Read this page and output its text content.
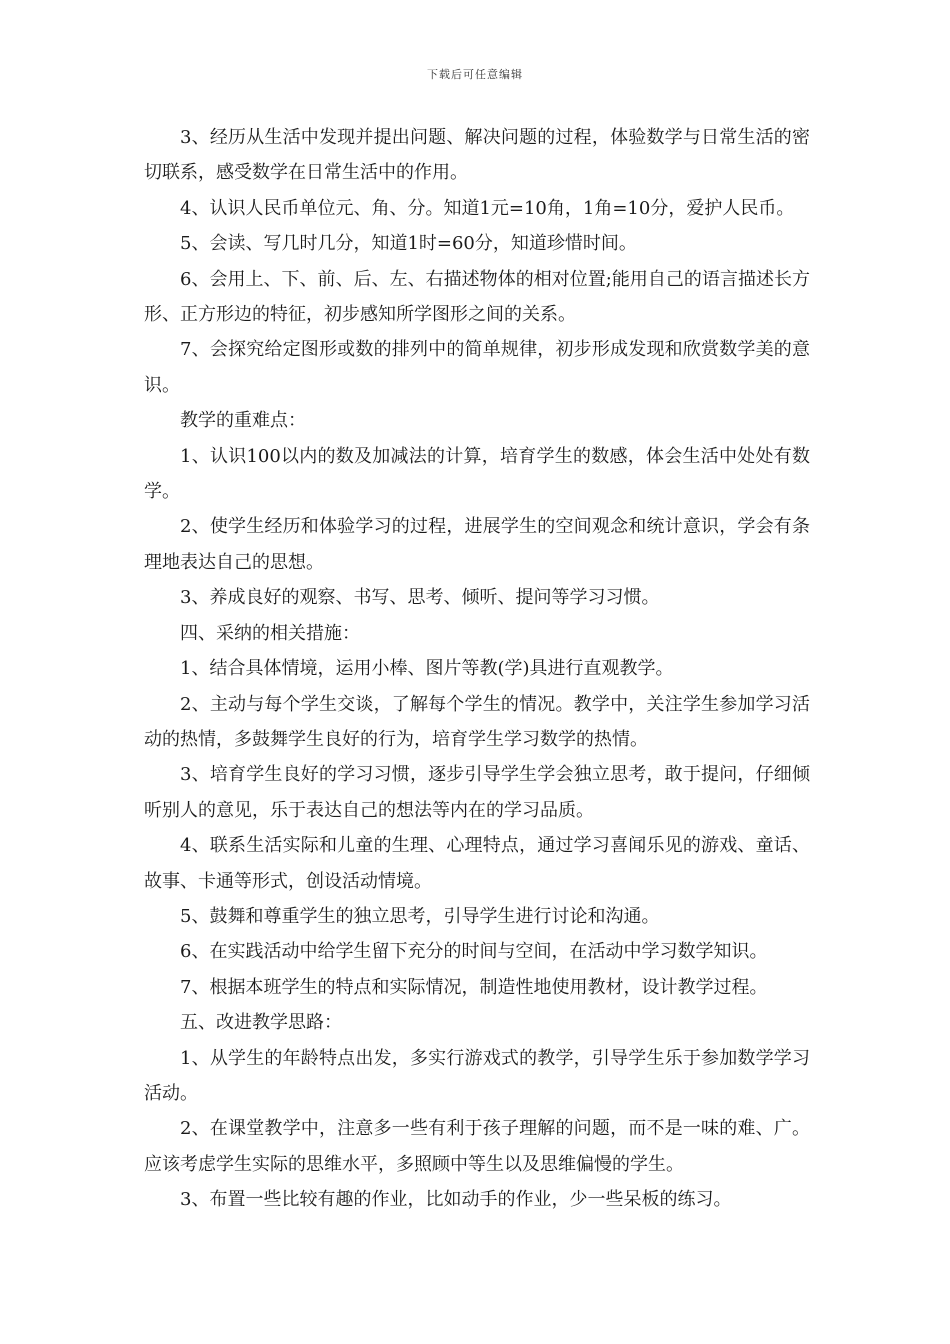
下载后可任意编辑

3、经历从生活中发现并提出问题、解决问题的过程，体验数学与日常生活的密切联系，感受数学在日常生活中的作用。

4、认识人民币单位元、角、分。知道1元=10角，1角=10分，爱护人民币。

5、会读、写几时几分，知道1时=60分，知道珍惜时间。

6、会用上、下、前、后、左、右描述物体的相对位置;能用自己的语言描述长方形、正方形边的特征，初步感知所学图形之间的关系。

7、会探究给定图形或数的排列中的简单规律，初步形成发现和欣赏数学美的意识。

教学的重难点：

1、认识100以内的数及加减法的计算，培育学生的数感，体会生活中处处有数学。

2、使学生经历和体验学习的过程，进展学生的空间观念和统计意识，学会有条理地表达自己的思想。

3、养成良好的观察、书写、思考、倾听、提问等学习习惯。

四、采纳的相关措施：

1、结合具体情境，运用小棒、图片等教(学)具进行直观教学。

2、主动与每个学生交谈，了解每个学生的情况。教学中，关注学生参加学习活动的热情，多鼓舞学生良好的行为，培育学生学习数学的热情。

3、培育学生良好的学习习惯，逐步引导学生学会独立思考，敢于提问，仔细倾听别人的意见，乐于表达自己的想法等内在的学习品质。

4、联系生活实际和儿童的生理、心理特点，通过学习喜闻乐见的游戏、童话、故事、卡通等形式，创设活动情境。

5、鼓舞和尊重学生的独立思考，引导学生进行讨论和沟通。

6、在实践活动中给学生留下充分的时间与空间，在活动中学习数学知识。

7、根据本班学生的特点和实际情况，制造性地使用教材，设计教学过程。

五、改进教学思路：

1、从学生的年龄特点出发，多实行游戏式的教学，引导学生乐于参加数学学习活动。

2、在课堂教学中，注意多一些有利于孩子理解的问题，而不是一味的难、广。应该考虑学生实际的思维水平，多照顾中等生以及思维偏慢的学生。

3、布置一些比较有趣的作业，比如动手的作业，少一些呆板的练习。
